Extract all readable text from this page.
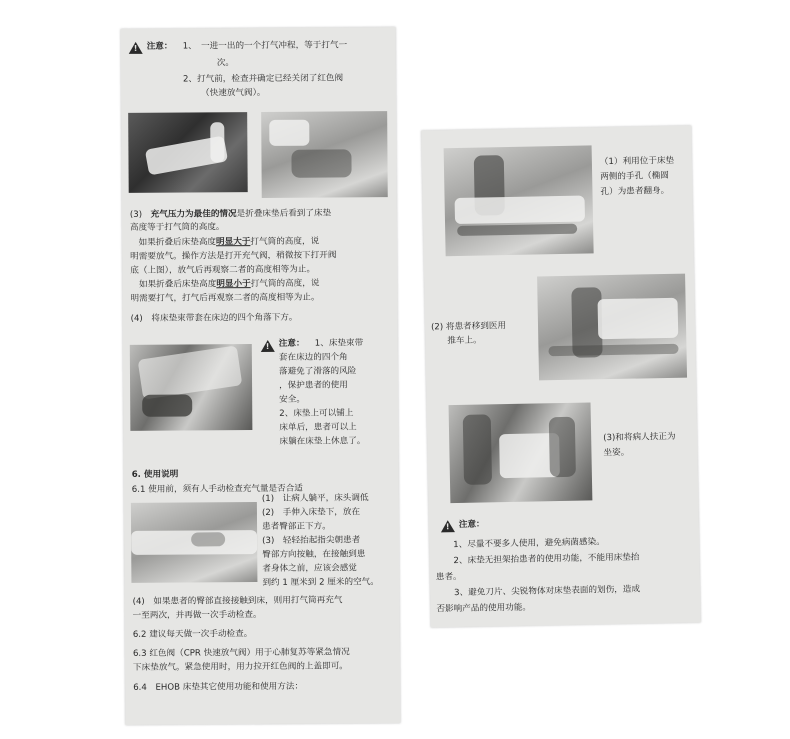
!
注意： 1、　一进一出的一个打气冲程，等于打气一
次。
2、打气前，检查并确定已经关闭了红色阀
（快速放气阀）。
(3)　 充气压力为最佳的情况是折叠床垫后看到了床垫
高度等于打气筒的高度。
　如果折叠后床垫高度明显大于打气筒的高度，说
明需要放气。操作方法是打开充气阀，稍微按下打开阀
底（上图），放气后再观察二者的高度相等为止。
　如果折叠后床垫高度明显小于打气筒的高度，说
明需要打气，打气后再观察二者的高度相等为止。
(4)　将床垫束带套在床边的四个角落下方。
!
注意： 1、床垫束带
套在床边的四个角
落避免了滑落的风险
，保护患者的使用
安全。
2、床垫上可以铺上
床单后，患者可以上
床躺在床垫上休息了。
6. 使用说明
6.1 使用前，须有人手动检查充气量是否合适
(1)　让病人躺平，床头调低
(2)　手伸入床垫下，放在
患者臀部正下方。
(3)　轻轻抬起指尖朝患者
臀部方向按触，在接触到患
者身体之前，应该会感觉
到约 1 厘米到 2 厘米的空气。
(4)　如果患者的臀部直接接触到床，则用打气筒再充气
一至两次，并再做一次手动检查。
6.2 建议每天做一次手动检查。
6.3 红色阀（CPR 快速放气阀）用于心肺复苏等紧急情况
下床垫放气。紧急使用时，用力拉开红色阀的上盖即可。
6.4　EHOB 床垫其它使用功能和使用方法：
（1）利用位于床垫
两侧的手孔（椭圆
孔）为患者翻身。
(2) 将患者移到医用
推车上。
(3)和将病人扶正为
坐姿。
!
注意：
1、尽量不要多人使用，避免病菌感染。
2、床垫无担架抬患者的使用功能，不能用床垫抬
患者。
3、避免刀片、尖锐物体对床垫表面的划伤，造成
否影响产品的使用功能。
